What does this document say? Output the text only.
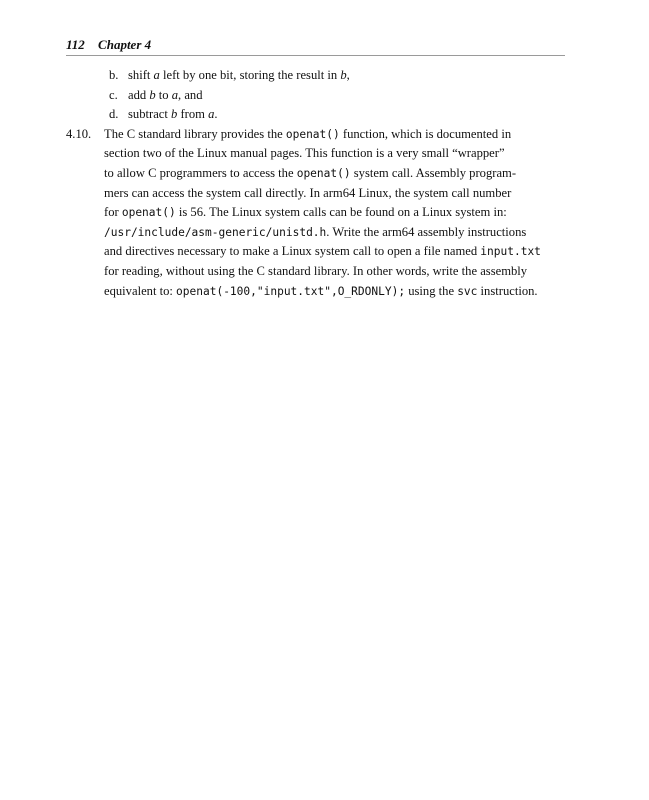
112 Chapter 4
b. shift a left by one bit, storing the result in b,
c. add b to a, and
d. subtract b from a.
4.10. The C standard library provides the openat() function, which is documented in
section two of the Linux manual pages. This function is a very small “wrapper”
to allow C programmers to access the openat() system call. Assembly program-
mers can access the system call directly. In arm64 Linux, the system call number
for openat() is 56. The Linux system calls can be found on a Linux system in:
/usr/include/asm-generic/unistd.h. Write the arm64 assembly instructions
and directives necessary to make a Linux system call to open a file named input.txt
for reading, without using the C standard library. In other words, write the assembly
equivalent to: openat(-100,"input.txt",O_RDONLY); using the svc instruction.
